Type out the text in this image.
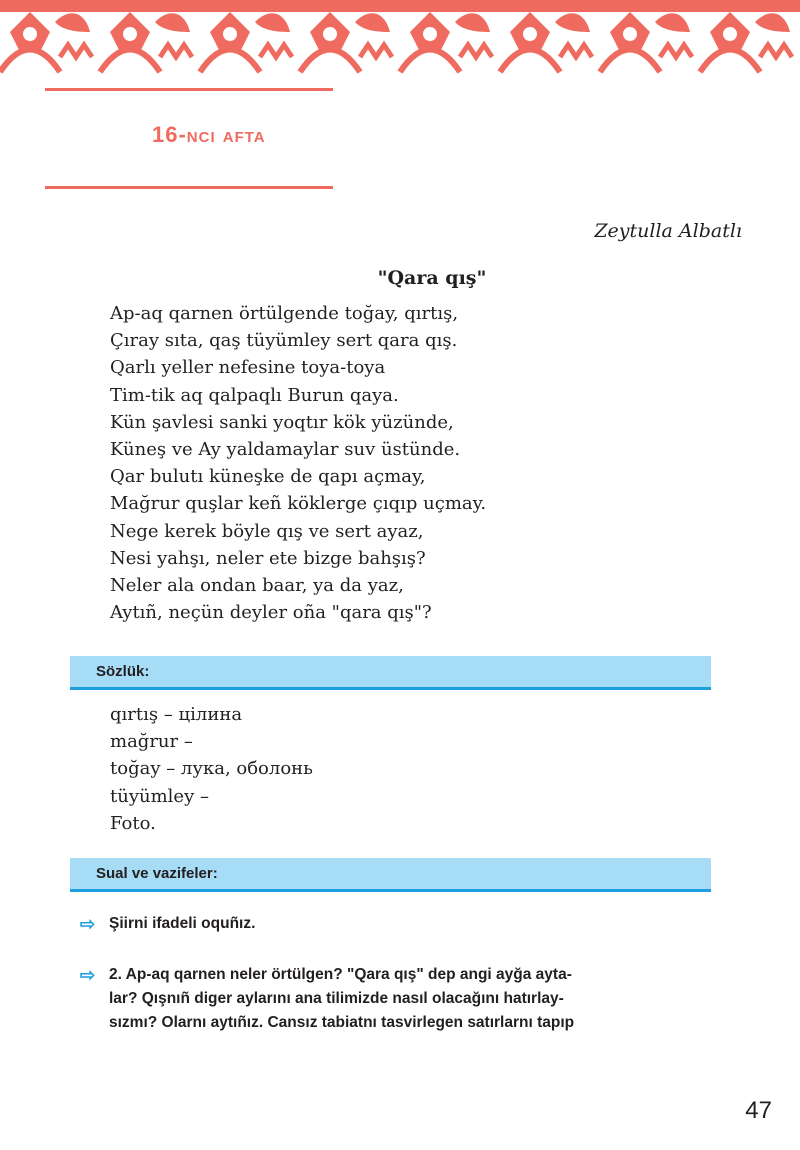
16-nci afta
Zeytulla Albatlı
"Qara qış"
Ap-aq qarnen örtülgende toğay, qırtış,
Çıray sıta, qaş tüyümley sert qara qış.
Qarlı yeller nefesine toya-toya
Tim-tik aq qalpaqlı Burun qaya.
Kün şavlesi sanki yoqtır kök yüzünde,
Küneş ve Ay yaldamaylar suv üstünde.
Qar bulutı küneşke de qapı açmay,
Mağrur quşlar keñ köklerge çıqıp uçmay.
Nege kerek böyle qış ve sert ayaz,
Nesi yahşı, neler ete bizge bahşış?
Neler ala ondan baar, ya da yaz,
Aytıñ, neçün deyler oña "qara qış"?
Sözlük:
qırtış – цілина
mağrur –
toğay – лука, оболонь
tüyümley –
Foto.
Sual ve vazifeler:
⇨ Şiirni ifadeli oquñız.
⇨ 2. Ap-aq qarnen neler örtülgen? "Qara qış" dep angi ayğa ayta-
lar? Qışnıñ diger aylarını ana tilimizde nasıl olacağını hatırlay-
sızmı? Olarnı aytıñız. Cansız tabiatnı tasvirlegen satırlarnı tapıp
47
